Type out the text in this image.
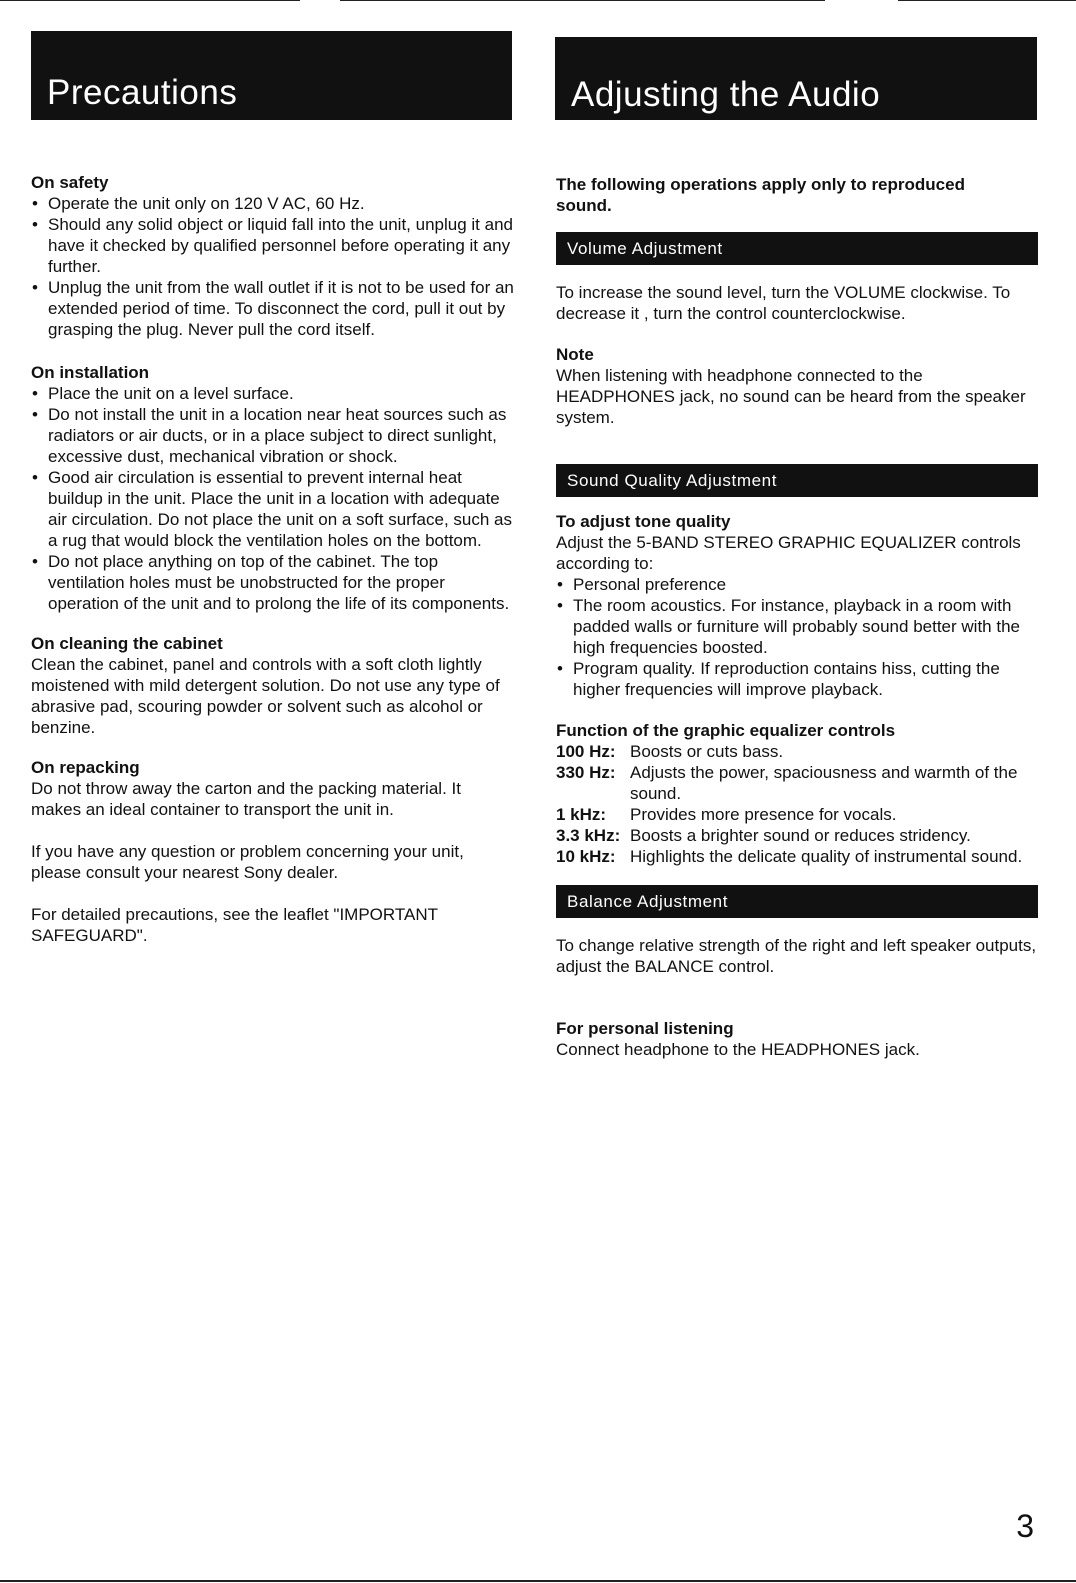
Precautions	Adjusting the Audio

On safety

• Operate the unit only on 120 V AC, 60 Hz.
• Should any solid object or liquid fall into the unit, unplug it and have it checked by qualified personnel before operating it any further.
• Unplug the unit from the wall outlet if it is not to be used for an extended period of time. To disconnect the cord, pull it out by grasping the plug. Never pull the cord itself.

On installation

• Place the unit on a level surface.
• Do not install the unit in a location near heat sources such as radiators or air ducts, or in a place subject to direct sunlight, excessive dust, mechanical vibration or shock.
• Good air circulation is essential to prevent internal heat buildup in the unit. Place the unit in a location with adequate air circulation. Do not place the unit on a soft surface, such as a rug that would block the ventilation holes on the bottom.
• Do not place anything on top of the cabinet. The top ventilation holes must be unobstructed for the proper operation of the unit and to prolong the life of its components.

On cleaning the cabinet

Clean the cabinet, panel and controls with a soft cloth lightly moistened with mild detergent solution. Do not use any type of abrasive pad, scouring powder or solvent such as alcohol or benzine.

On repacking

Do not throw away the carton and the packing material. It makes an ideal container to transport the unit in.

If you have any question or problem concerning your unit, please consult your nearest Sony dealer.

For detailed precautions, see the leaflet "IMPORTANT SAFEGUARD".

The following operations apply only to reproduced sound.

Volume Adjustment

To increase the sound level, turn the VOLUME clockwise. To decrease it , turn the control counterclockwise.

Note

When listening with headphone connected to the HEADPHONES jack, no sound can be heard from the speaker system.

Sound Quality Adjustment

To adjust tone quality

Adjust the 5-BAND STEREO GRAPHIC EQUALIZER controls according to:

• Personal preference
• The room acoustics. For instance, playback in a room with padded walls or furniture will probably sound better with the high frequencies boosted.
• Program quality. If reproduction contains hiss, cutting the higher frequencies will improve playback.

Function of the graphic equalizer controls

100 Hz: Boosts or cuts bass.
330 Hz: Adjusts the power, spaciousness and warmth of the sound.
1 kHz:	Provides more presence for vocals.
3.3 kHz: Boosts a brighter sound or reduces stridency.
10 kHz: Highlights the delicate quality of instrumental sound.
Balance Adjustment

To change relative strength of the right and left speaker outputs, adjust the BALANCE control.

For personal listening

Connect headphone to the HEADPHONES jack.

3
